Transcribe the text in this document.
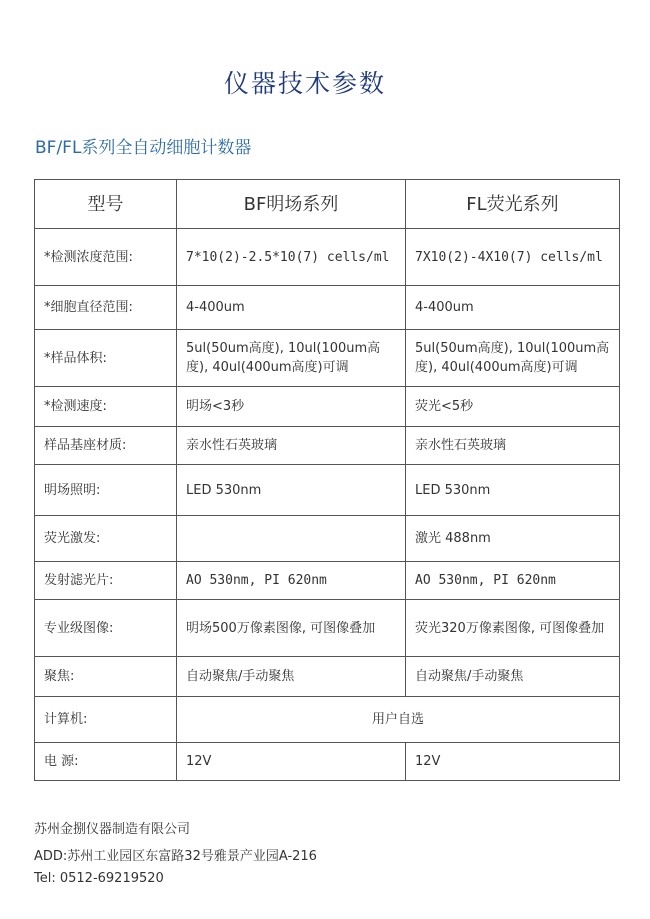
仪器技术参数
BF/FL系列全自动细胞计数器
型号	BF明场系列	FL荧光系列
*检测浓度范围:	7*10(2)-2.5*10(7) cells/ml	7X10(2)-4X10(7) cells/ml
*细胞直径范围:	4-400um	4-400um
*样品体积:	5ul(50um高度), 10ul(100um高度), 40ul(400um高度)可调	5ul(50um高度), 10ul(100um高度), 40ul(400um高度)可调
*检测速度:	明场<3秒	荧光<5秒
样品基座材质:	亲水性石英玻璃	亲水性石英玻璃
明场照明:	LED 530nm	LED 530nm
荧光激发:		激光 488nm
发射滤光片:	AO 530nm, PI 620nm	AO 530nm, PI 620nm
专业级图像:	明场500万像素图像, 可图像叠加	荧光320万像素图像, 可图像叠加
聚焦:	自动聚焦/手动聚焦	自动聚焦/手动聚焦
计算机:	用户自选	
电 源:	12V	12V
苏州金捌仪器制造有限公司
ADD:苏州工业园区东富路32号雅景产业园A-216
Tel: 0512-69219520
